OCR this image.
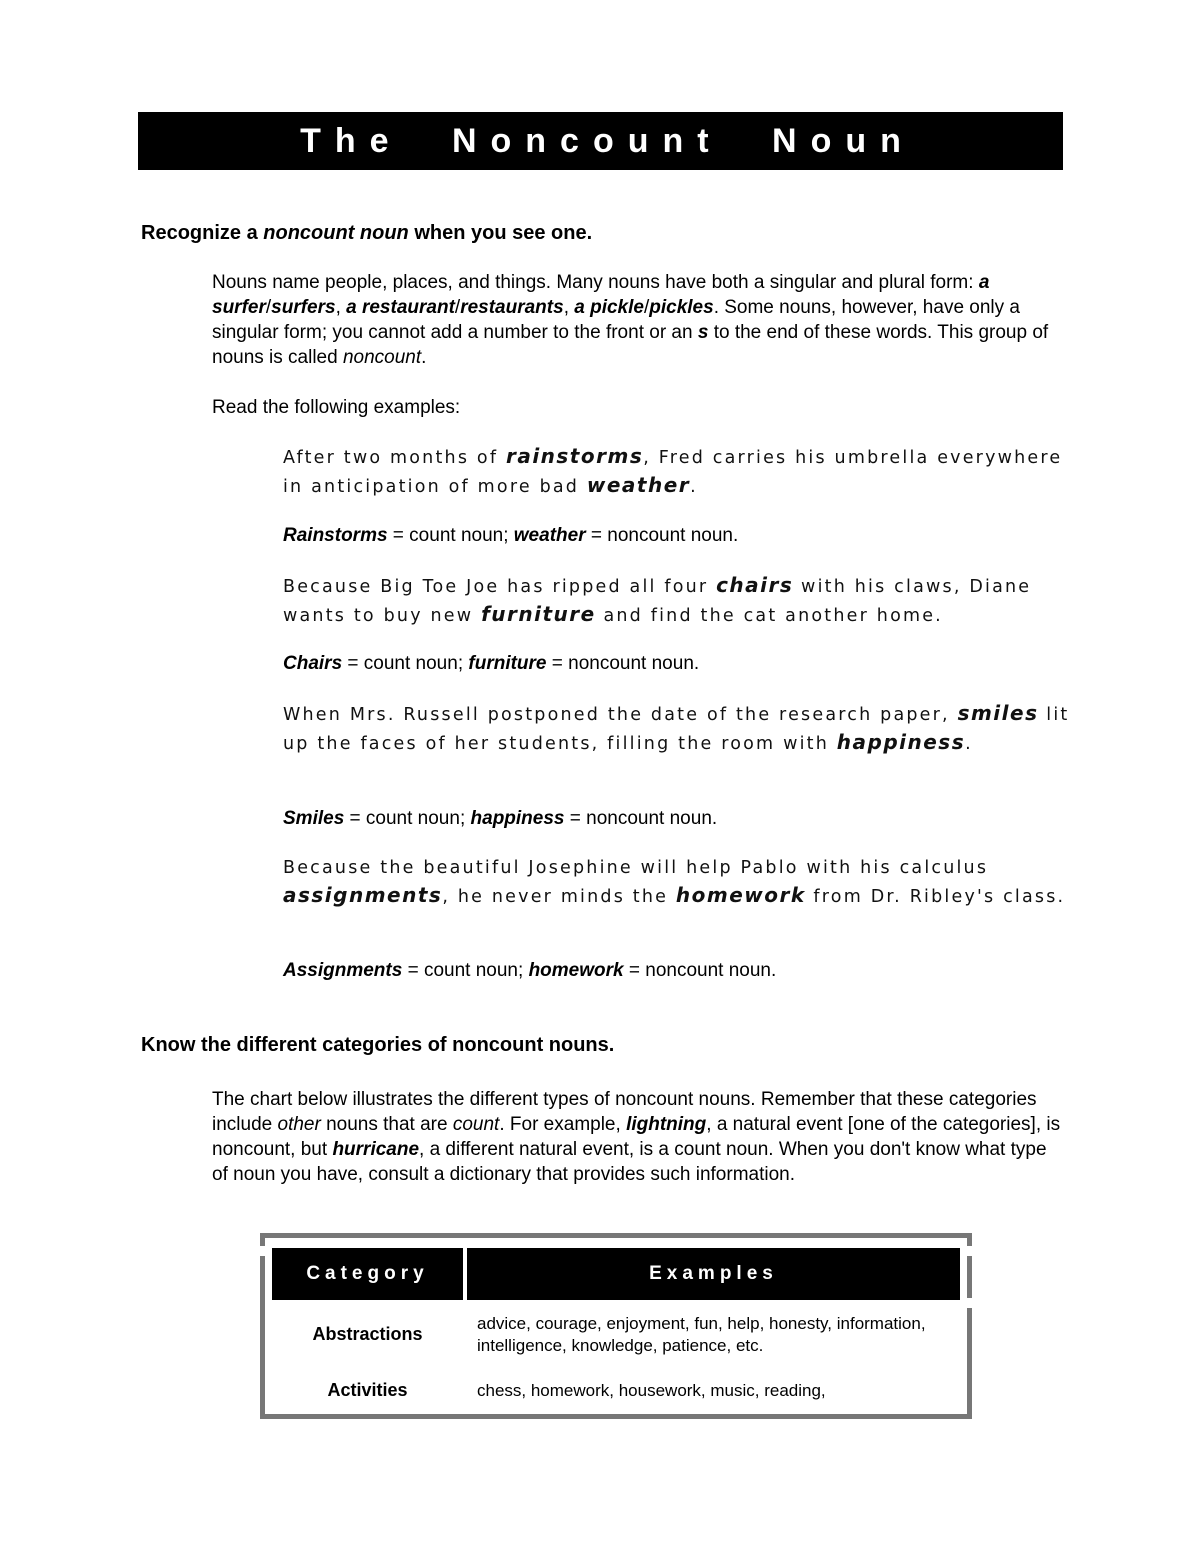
The Noncount Noun

Recognize a noncount noun when you see one.

Nouns name people, places, and things. Many nouns have both a singular and plural form: a surfer/surfers, a restaurant/restaurants, a pickle/pickles. Some nouns, however, have only a singular form; you cannot add a number to the front or an s to the end of these words. This group of nouns is called noncount.

Read the following examples:

After two months of rainstorms, Fred carries his umbrella everywhere in anticipation of more bad weather.

Rainstorms = count noun; weather = noncount noun.

Because Big Toe Joe has ripped all four chairs with his claws, Diane wants to buy new furniture and find the cat another home.

Chairs = count noun; furniture = noncount noun.

When Mrs. Russell postponed the date of the research paper, smiles lit up the faces of her students, filling the room with happiness.

Smiles = count noun; happiness = noncount noun.

Because the beautiful Josephine will help Pablo with his calculus assignments, he never minds the homework from Dr. Ribley's class.

Assignments = count noun; homework = noncount noun.

Know the different categories of noncount nouns.

The chart below illustrates the different types of noncount nouns. Remember that these categories include other nouns that are count. For example, lightning, a natural event [one of the categories], is noncount, but hurricane, a different natural event, is a count noun. When you don't know what type of noun you have, consult a dictionary that provides such information.

Category	Examples
Abstractions
advice, courage, enjoyment, fun, help, honesty, information, intelligence, knowledge, patience, etc.
Activities	chess, homework, housework, music, reading,
